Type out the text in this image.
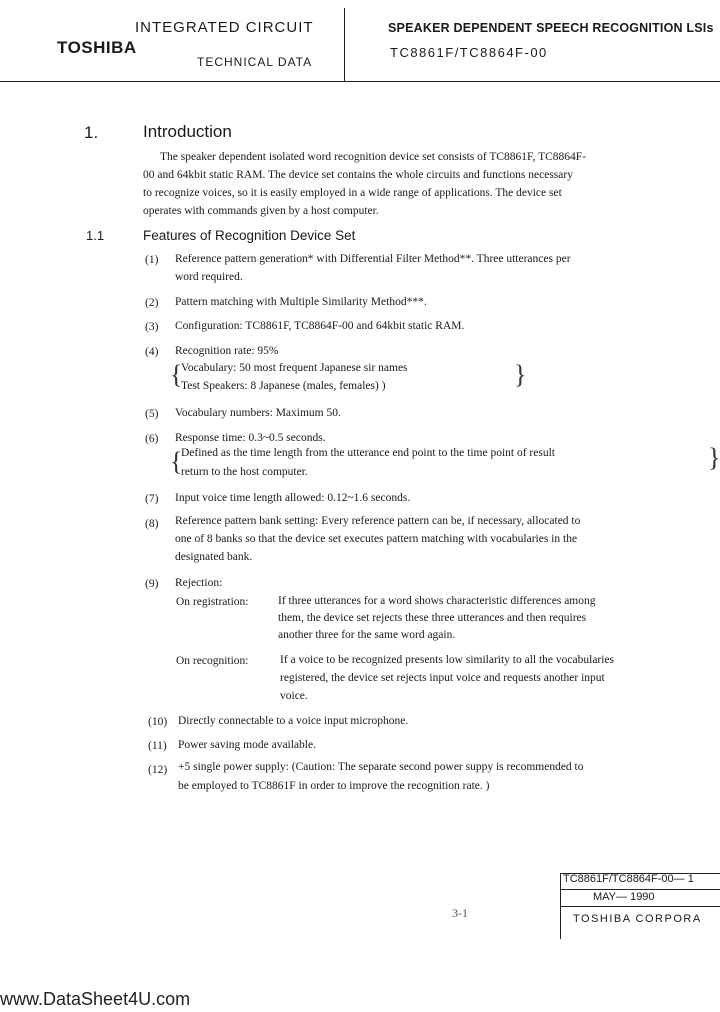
INTEGRATED CIRCUIT
TOSHIBA
TECHNICAL DATA
SPEAKER DEPENDENT SPEECH RECOGNITION LSIs
TC8861F/TC8864F-00
1.	Introduction
The speaker dependent isolated word recognition device set consists of TC8861F, TC8864F-
00 and 64kbit static RAM. The device set contains the whole circuits and functions necessary
to recognize voices, so it is easily employed in a wide range of applications. The device set
operates with commands given by a host computer.
1.1	Features of Recognition Device Set
(1) Reference pattern generation* with Differential Filter Method**. Three utterances per
word required.
(2) Pattern matching with Multiple Similarity Method***.
(3) Configuration: TC8861F, TC8864F-00 and 64kbit static RAM.
(4) Recognition rate: 95%
{
Vocabulary: 50 most frequent Japanese sir names
Test Speakers: 8 Japanese (males, females) )	}
(5) Vocabulary numbers: Maximum 50.
(6) Response time: 0.3~0.5 seconds.
{
Defined as the time length from the utterance end point to the time point of result
return to the host computer.	}
(7) Input voice time length allowed: 0.12~1.6 seconds.
(8) Reference pattern bank setting: Every reference pattern can be, if necessary, allocated to
one of 8 banks so that the device set executes pattern matching with vocabularies in the
designated bank.
(9) Rejection:
On registration:	If three utterances for a word shows characteristic differences among
them, the device set rejects these three utterances and then requires
another three for the same word again.
On recognition:	If a voice to be recognized presents low similarity to all the vocabularies
registered, the device set rejects input voice and requests another input
voice.
(10) Directly connectable to a voice input microphone.
(11) Power saving mode available.
(12) +5 single power supply: (Caution: The separate second power suppy is recommended to
be employed to TC8861F in order to improve the recognition rate. )
TC8861F/TC8864F-00— 1
MAY— 1990
TOSHIBA CORPORA
3-1
www.DataSheet4U.com
